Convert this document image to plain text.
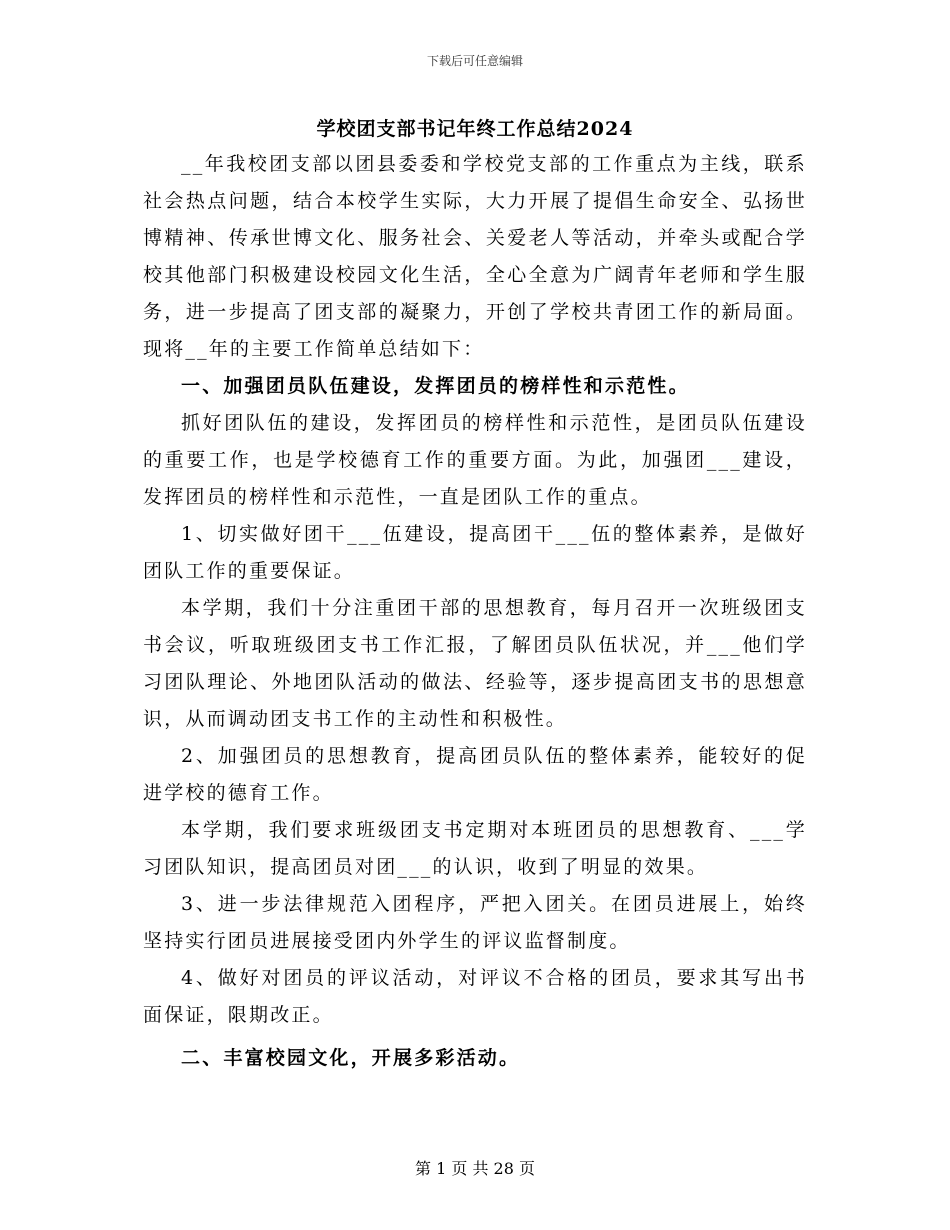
下载后可任意编辑
学校团支部书记年终工作总结2024

__年我校团支部以团县委委和学校党支部的工作重点为主线，联系社会热点问题，结合本校学生实际，大力开展了提倡生命安全、弘扬世博精神、传承世博文化、服务社会、关爱老人等活动，并牵头或配合学校其他部门积极建设校园文化生活，全心全意为广阔青年老师和学生服务，进一步提高了团支部的凝聚力，开创了学校共青团工作的新局面。现将__年的主要工作简单总结如下：

一、加强团员队伍建设，发挥团员的榜样性和示范性。

抓好团队伍的建设，发挥团员的榜样性和示范性，是团员队伍建设的重要工作，也是学校德育工作的重要方面。为此，加强团___建设，发挥团员的榜样性和示范性，一直是团队工作的重点。

1、切实做好团干___伍建设，提高团干___伍的整体素养，是做好团队工作的重要保证。

本学期，我们十分注重团干部的思想教育，每月召开一次班级团支书会议，听取班级团支书工作汇报，了解团员队伍状况，并___他们学习团队理论、外地团队活动的做法、经验等，逐步提高团支书的思想意识，从而调动团支书工作的主动性和积极性。

2、加强团员的思想教育，提高团员队伍的整体素养，能较好的促进学校的德育工作。

本学期，我们要求班级团支书定期对本班团员的思想教育、___学习团队知识，提高团员对团___的认识，收到了明显的效果。

3、进一步法律规范入团程序，严把入团关。在团员进展上，始终坚持实行团员进展接受团内外学生的评议监督制度。

4、做好对团员的评议活动，对评议不合格的团员，要求其写出书面保证，限期改正。

二、丰富校园文化，开展多彩活动。
第 1 页 共 28 页
